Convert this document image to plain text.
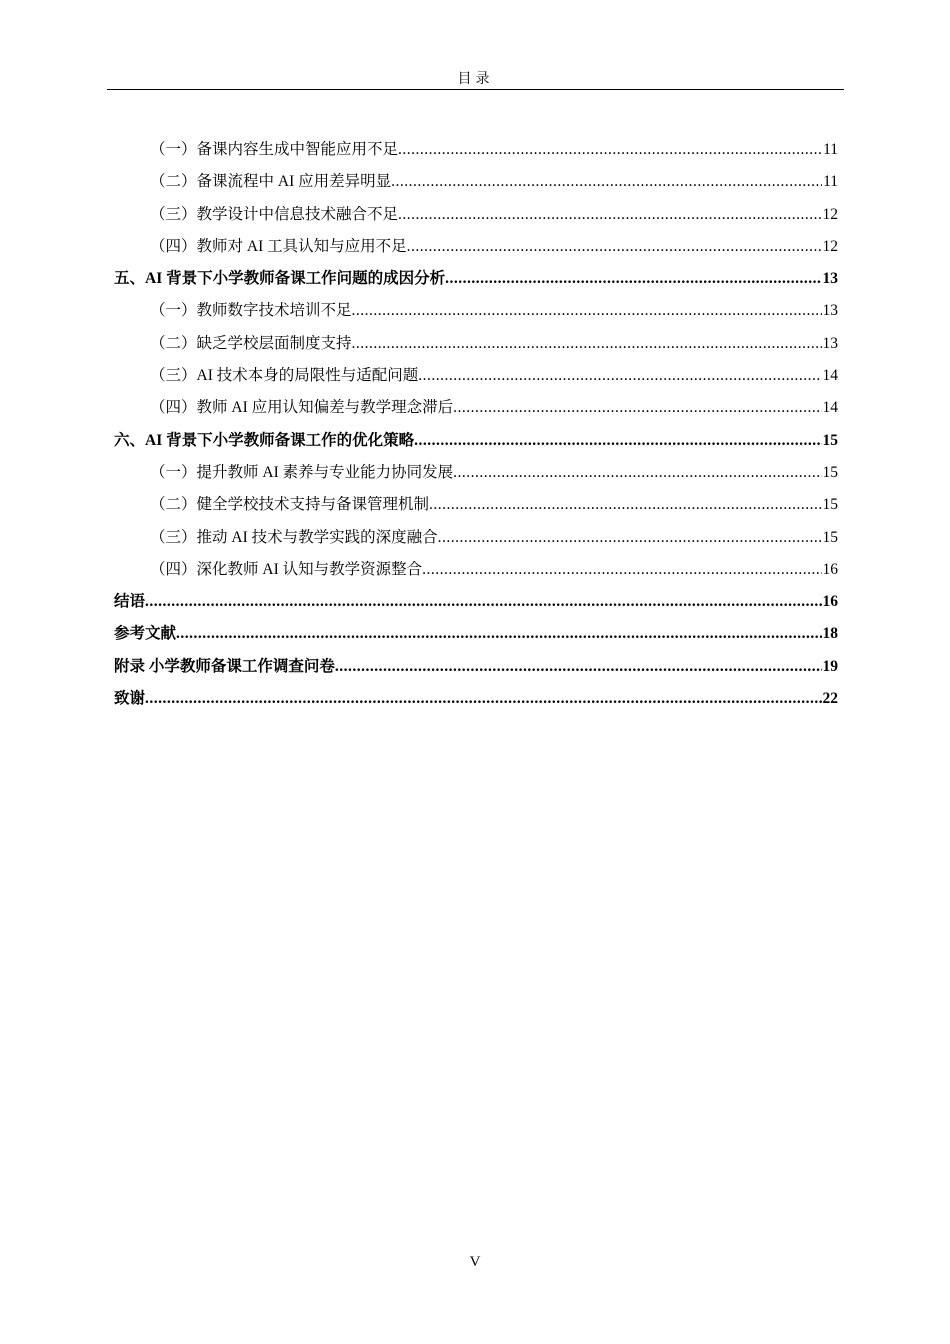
目录
（一）备课内容生成中智能应用不足 .....	11
（二）备课流程中 AI 应用差异明显 .....	11
（三）教学设计中信息技术融合不足 .....	12
（四）教师对 AI 工具认知与应用不足 .....	12
五、AI 背景下小学教师备课工作问题的成因分析 .....	13
（一）教师数字技术培训不足 .....	13
（二）缺乏学校层面制度支持 .....	13
（三）AI 技术本身的局限性与适配问题 .....	14
（四）教师 AI 应用认知偏差与教学理念滞后 .....	14
六、AI 背景下小学教师备课工作的优化策略 .....	15
（一）提升教师 AI 素养与专业能力协同发展 .....	15
（二）健全学校技术支持与备课管理机制 .....	15
（三）推动 AI 技术与教学实践的深度融合 .....	15
（四）深化教师 AI 认知与教学资源整合 .....	16
结语 .....	16
参考文献 .....	18
附录 小学教师备课工作调查问卷 .....	19
致谢 .....	22
V
